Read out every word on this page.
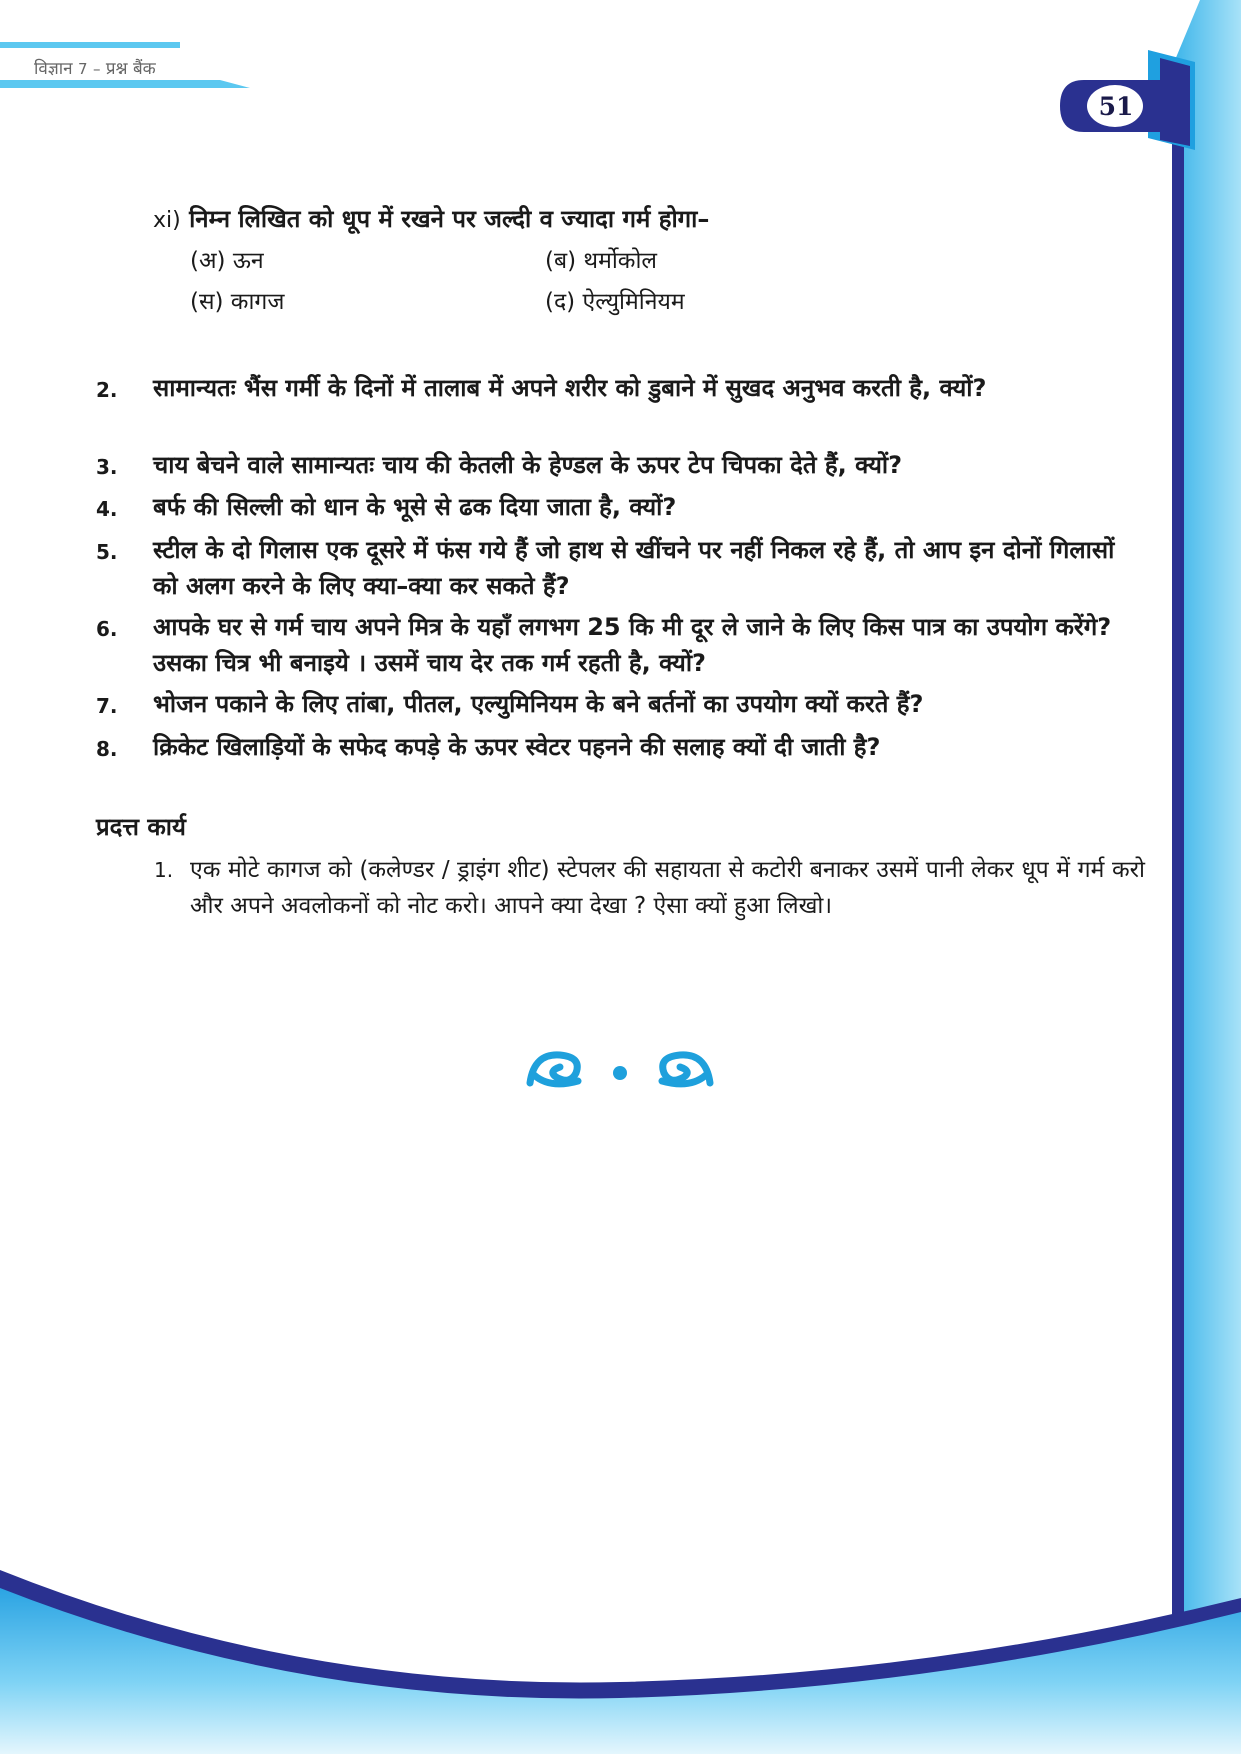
51
विज्ञान 7 – प्रश्न बैंक
xi) निम्न लिखित को धूप में रखने पर जल्दी व ज्यादा गर्म होगा–
(अ) ऊन	(ब) थर्मोकोल
(स) कागज	(द) ऐल्युमिनियम
2. सामान्यतः भैंस गर्मी के दिनों में तालाब में अपने शरीर को डुबाने में सुखद अनुभव करती है, क्यों?
3. चाय बेचने वाले सामान्यतः चाय की केतली के हेण्डल के ऊपर टेप चिपका देते हैं, क्यों?
4. बर्फ की सिल्ली को धान के भूसे से ढक दिया जाता है, क्यों?
5. स्टील के दो गिलास एक दूसरे में फंस गये हैं जो हाथ से खींचने पर नहीं निकल रहे हैं, तो आप इन दोनों गिलासों को अलग करने के लिए क्या–क्या कर सकते हैं?
6. आपके घर से गर्म चाय अपने मित्र के यहाँ लगभग 25 कि मी दूर ले जाने के लिए किस पात्र का उपयोग करेंगे? उसका चित्र भी बनाइये । उसमें चाय देर तक गर्म रहती है, क्यों?
7. भोजन पकाने के लिए तांबा, पीतल, एल्युमिनियम के बने बर्तनों का उपयोग क्यों करते हैं?
8. क्रिकेट खिलाड़ियों के सफेद कपड़े के ऊपर स्वेटर पहनने की सलाह क्यों दी जाती है?
प्रदत्त कार्य
1. एक मोटे कागज को (कलेण्डर / ड्राइंग शीट) स्टेपलर की सहायता से कटोरी बनाकर उसमें पानी लेकर धूप में गर्म करो और अपने अवलोकनों को नोट करो। आपने क्या देखा ? ऐसा क्यों हुआ लिखो।
